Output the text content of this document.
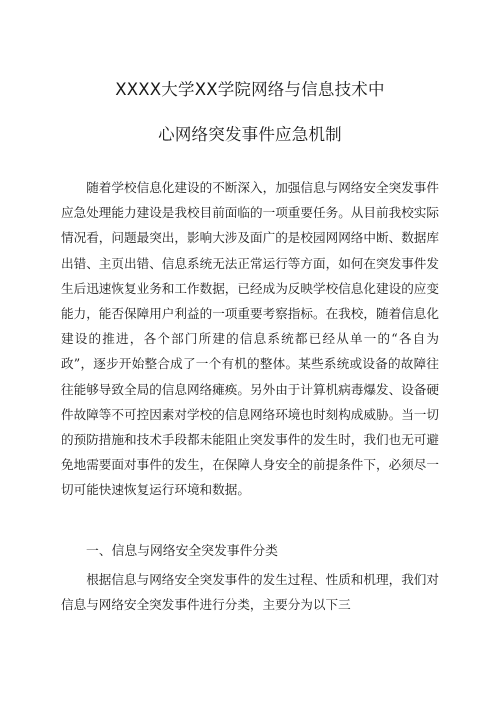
XXXX大学XX学院网络与信息技术中
心网络突发事件应急机制

随着学校信息化建设的不断深入，加强信息与网络安全突发事件应急处理能力建设是我校目前面临的一项重要任务。从目前我校实际情况看，问题最突出，影响大涉及面广的是校园网网络中断、数据库出错、主页出错、信息系统无法正常运行等方面，如何在突发事件发生后迅速恢复业务和工作数据，已经成为反映学校信息化建设的应变能力，能否保障用户利益的一项重要考察指标。在我校，随着信息化建设的推进，各个部门所建的信息系统都已经从单一的“各自为政”，逐步开始整合成了一个有机的整体。某些系统或设备的故障往往能够导致全局的信息网络瘫痪。另外由于计算机病毒爆发、设备硬件故障等不可控因素对学校的信息网络环境也时刻构成威胁。当一切的预防措施和技术手段都未能阻止突发事件的发生时，我们也无可避免地需要面对事件的发生，在保障人身安全的前提条件下，必须尽一切可能快速恢复运行环境和数据。

一、信息与网络安全突发事件分类

根据信息与网络安全突发事件的发生过程、性质和机理，我们对信息与网络安全突发事件进行分类，主要分为以下三
